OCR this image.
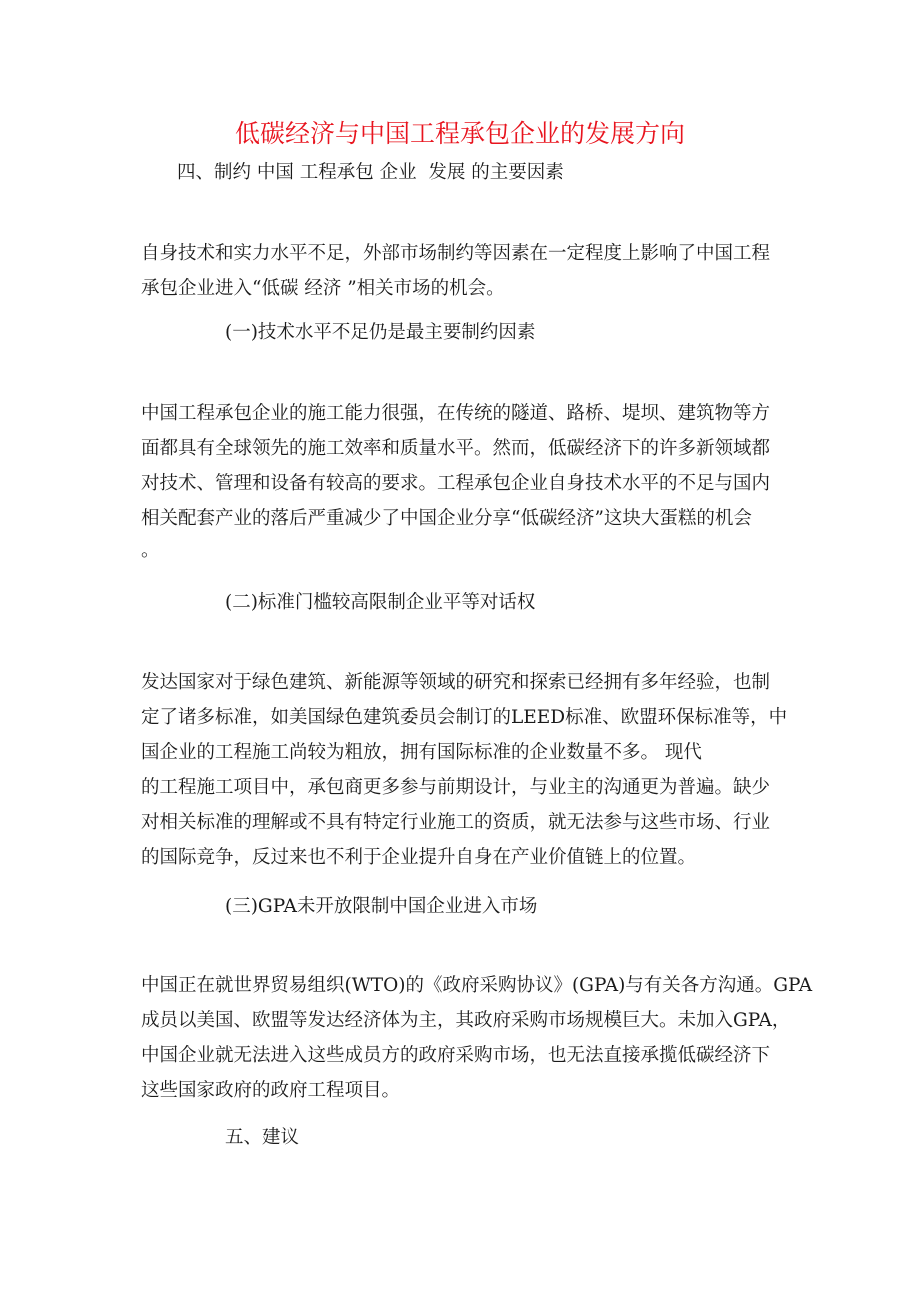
低碳经济与中国工程承包企业的发展方向
四、制约 中国 工程承包 企业  发展 的主要因素
自身技术和实力水平不足，外部市场制约等因素在一定程度上影响了中国工程
承包企业进入“低碳 经济 ”相关市场的机会。
(一)技术水平不足仍是最主要制约因素
中国工程承包企业的施工能力很强，在传统的隧道、路桥、堤坝、建筑物等方
面都具有全球领先的施工效率和质量水平。然而，低碳经济下的许多新领域都
对技术、管理和设备有较高的要求。工程承包企业自身技术水平的不足与国内
相关配套产业的落后严重减少了中国企业分享“低碳经济”这块大蛋糕的机会
。
(二)标准门槛较高限制企业平等对话权
发达国家对于绿色建筑、新能源等领域的研究和探索已经拥有多年经验，也制
定了诸多标准，如美国绿色建筑委员会制订的LEED标准、欧盟环保标准等，中
国企业的工程施工尚较为粗放，拥有国际标准的企业数量不多。 现代
的工程施工项目中，承包商更多参与前期设计，与业主的沟通更为普遍。缺少
对相关标准的理解或不具有特定行业施工的资质，就无法参与这些市场、行业
的国际竞争，反过来也不利于企业提升自身在产业价值链上的位置。
(三)GPA未开放限制中国企业进入市场
中国正在就世界贸易组织(WTO)的《政府采购协议》(GPA)与有关各方沟通。GPA
成员以美国、欧盟等发达经济体为主，其政府采购市场规模巨大。未加入GPA，
中国企业就无法进入这些成员方的政府采购市场，也无法直接承揽低碳经济下
这些国家政府的政府工程项目。
五、建议
